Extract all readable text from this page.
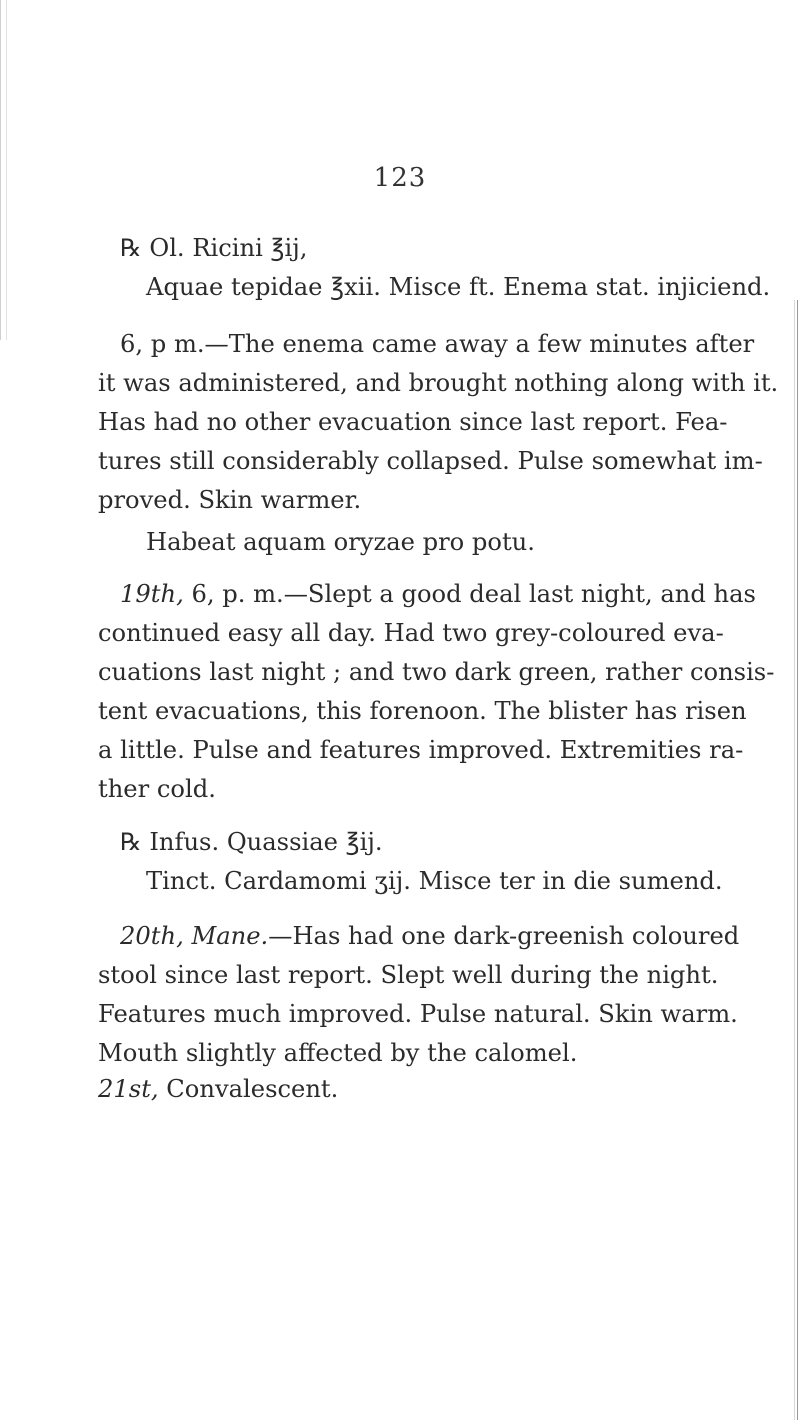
123
℞ Ol. Ricini ℥ij,
Aquae tepidae ℥xii. Misce ft. Enema stat. injiciend.
6, p m.—The enema came away a few minutes after
it was administered, and brought nothing along with it.
Has had no other evacuation since last report. Fea-
tures still considerably collapsed. Pulse somewhat im-
proved. Skin warmer.
Habeat aquam oryzae pro potu.
19th, 6, p. m.—Slept a good deal last night, and has
continued easy all day. Had two grey-coloured eva-
cuations last night ; and two dark green, rather consis-
tent evacuations, this forenoon. The blister has risen
a little. Pulse and features improved. Extremities ra-
ther cold.
℞ Infus. Quassiae ℥ij.
Tinct. Cardamomi ʒij. Misce ter in die sumend.
20th, Mane.—Has had one dark-greenish coloured
stool since last report. Slept well during the night.
Features much improved. Pulse natural. Skin warm.
Mouth slightly affected by the calomel.
21st, Convalescent.
